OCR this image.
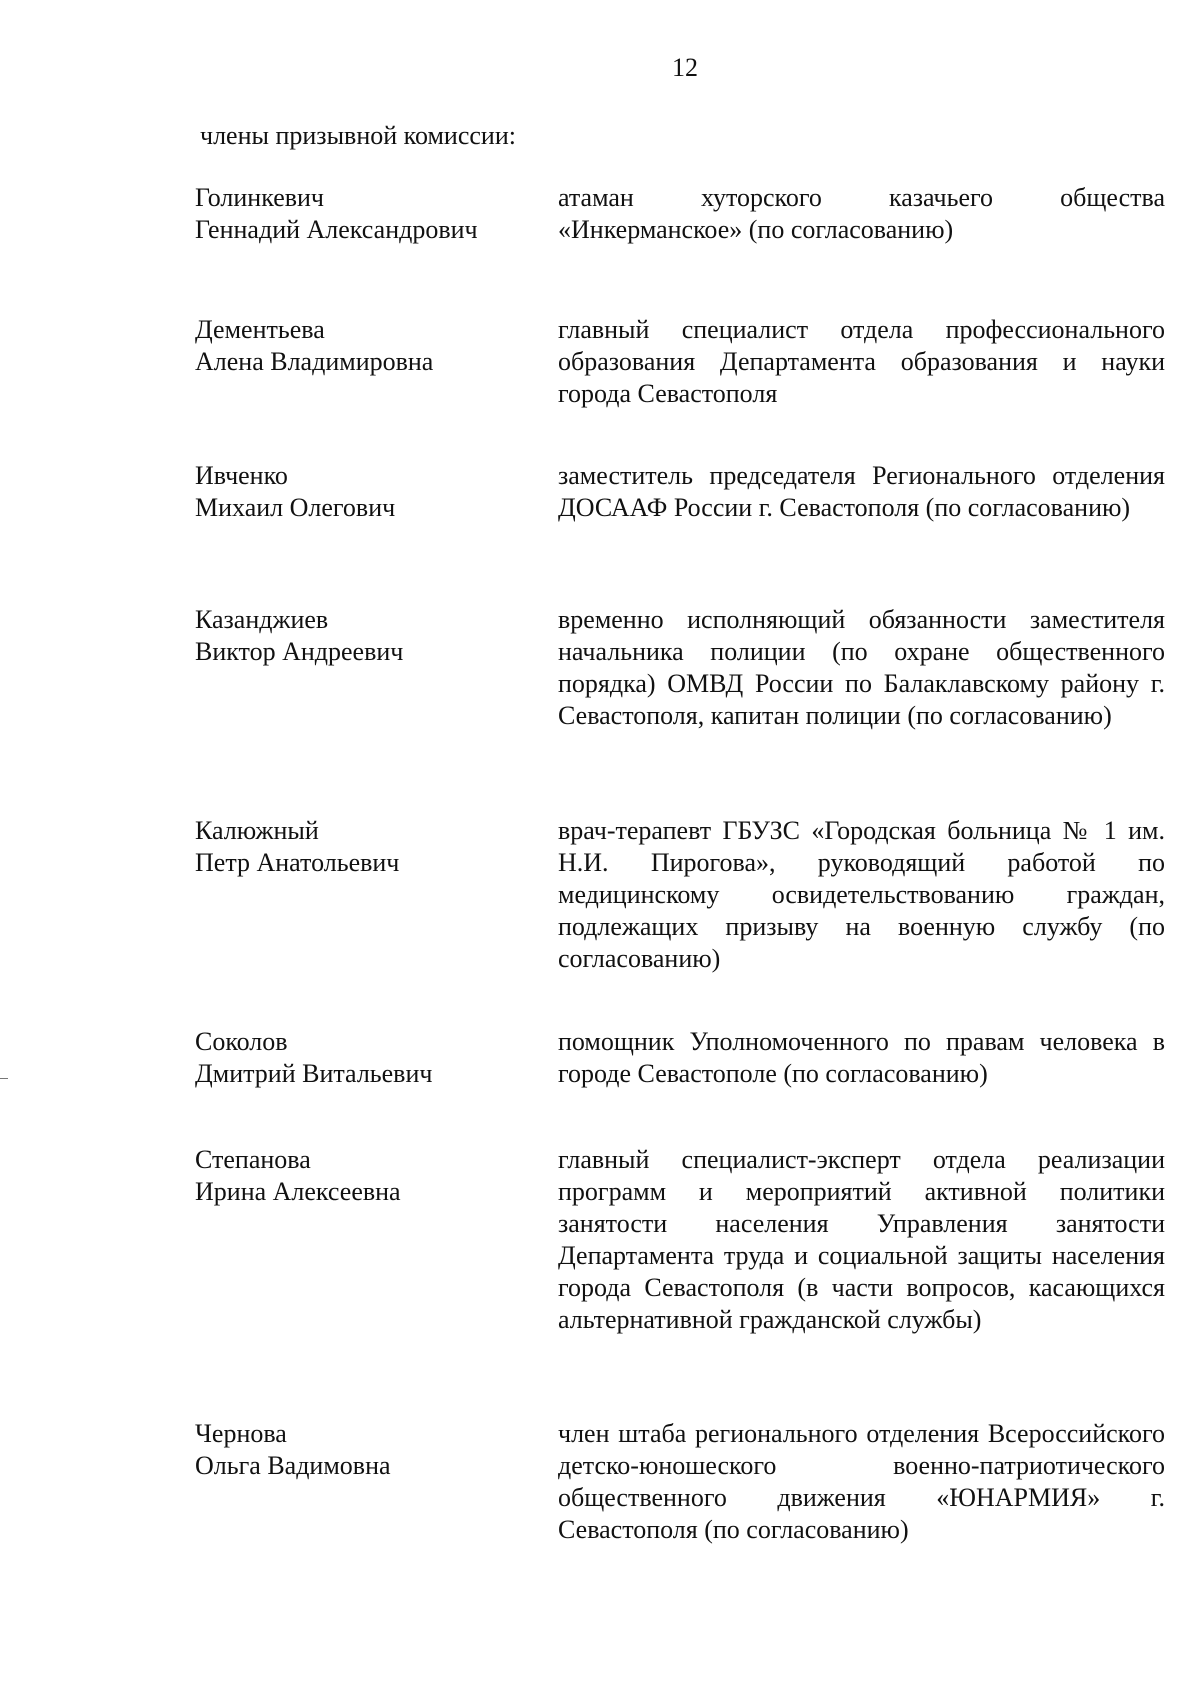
12
члены призывной комиссии:
Голинкевич
Геннадий Александрович
атаман хуторского казачьего общества «Инкерманское» (по согласованию)
Дементьева
Алена Владимировна
главный специалист отдела профессионального образования Департамента образования и науки города Севастополя
Ивченко
Михаил Олегович
заместитель председателя Регионального отделения ДОСААФ России г. Севастополя (по согласованию)
Казанджиев
Виктор Андреевич
временно исполняющий обязанности заместителя начальника полиции (по охране общественного порядка) ОМВД России по Балаклавскому району г. Севастополя, капитан полиции (по согласованию)
Калюжный
Петр Анатольевич
врач-терапевт ГБУЗС «Городская больница № 1 им. Н.И. Пирогова», руководящий работой по медицинскому освидетельствованию граждан, подлежащих призыву на военную службу (по согласованию)
Соколов
Дмитрий Витальевич
помощник Уполномоченного по правам человека в городе Севастополе (по согласованию)
Степанова
Ирина Алексеевна
главный специалист-эксперт отдела реализации программ и мероприятий активной политики занятости населения Управления занятости Департамента труда и социальной защиты населения города Севастополя (в части вопросов, касающихся альтернативной гражданской службы)
Чернова
Ольга Вадимовна
член штаба регионального отделения Всероссийского детско-юношеского военно-патриотического общественного движения «ЮНАРМИЯ» г. Севастополя (по согласованию)
